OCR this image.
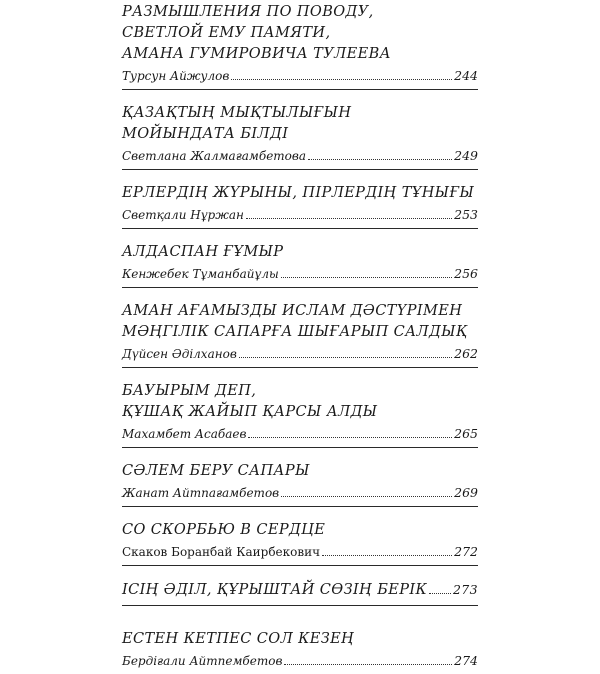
РАЗМЫШЛЕНИЯ ПО ПОВОДУ,
СВЕТЛОЙ ЕМУ ПАМЯТИ,
АМАНА ГУМИРОВИЧА ТУЛЕЕВА
Турсун Айжулов	244
ҚАЗАҚТЫҢ МЫҚТЫЛЫҒЫН
МОЙЫНДАТА БІЛДІ
Светлана Жалмағамбетова	249
ЕРЛЕРДІҢ ЖҮРЫНЫ, ПІРЛЕРДІҢ ТҰНЫҒЫ
Светқали Нұржан	253
АЛДАСПАН ҒҰМЫР
Кенжебек Тұманбайұлы	256
АМАН АҒАМЫЗДЫ ИСЛАМ ДӘСТҮРІМЕН
МӘҢГІЛІК САПАРҒА ШЫҒАРЫП САЛДЫҚ
Дүйсен Әділханов	262
БАУЫРЫМ ДЕП,
ҚҰШАҚ ЖАЙЫП ҚАРСЫ АЛДЫ
Махамбет Асабаев	265
СӘЛЕМ БЕРУ САПАРЫ
Жанат Айтпағамбетов	269
СО СКОРБЬЮ В СЕРДЦЕ
Скаков Боранбай Каирбекович	272
ІСІҢ ӘДІЛ, ҚҰРЫШТАЙ СӨЗІҢ БЕРІК 273
ЕСТЕН КЕТПЕС СОЛ КЕЗЕҢ
Бердіғали Айтпембетов	274
